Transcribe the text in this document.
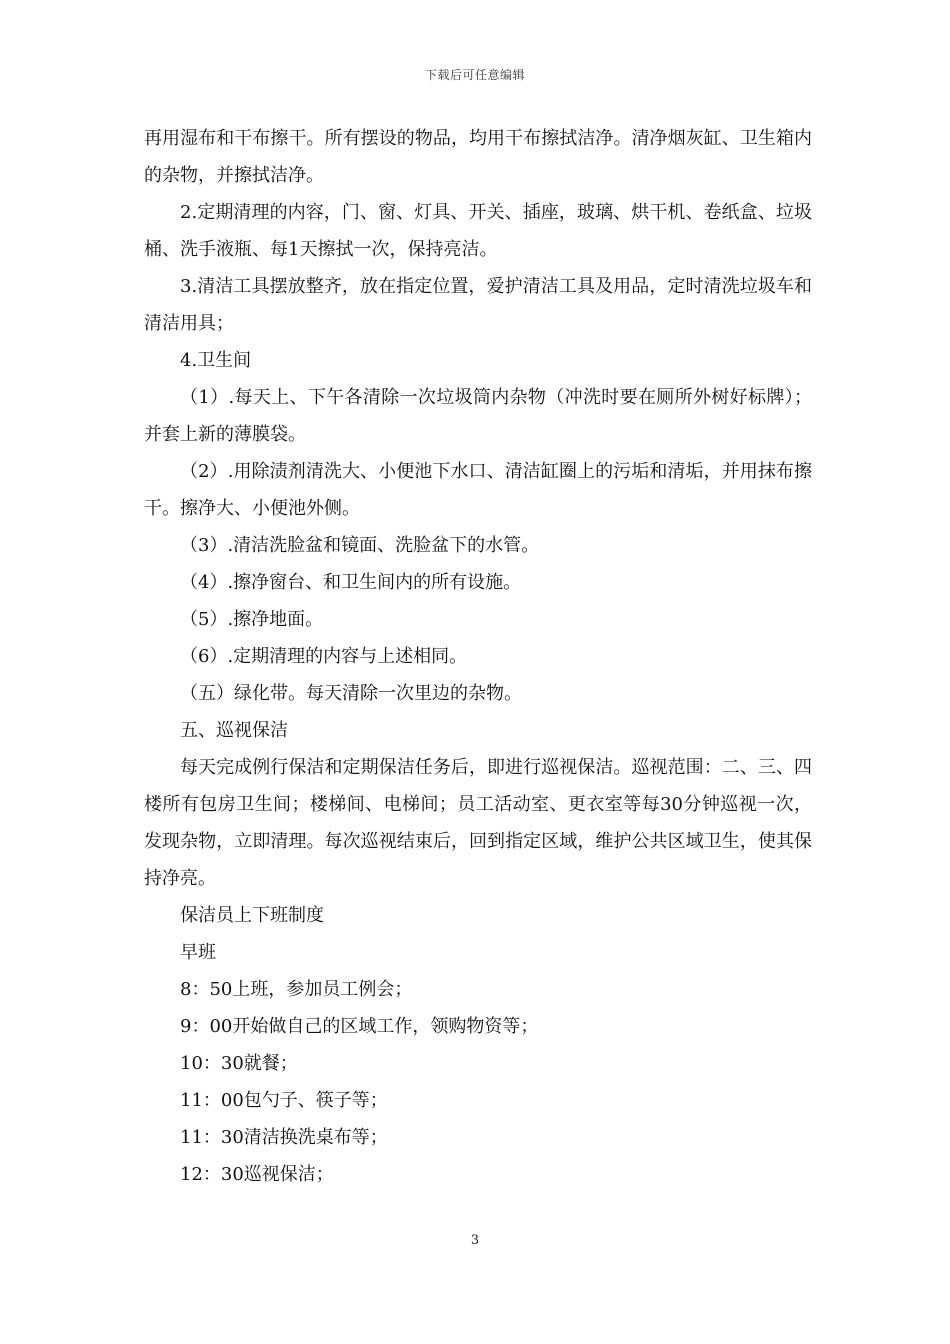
下载后可任意编辑

再用湿布和干布擦干。所有摆设的物品，均用干布擦拭洁净。清净烟灰缸、卫生箱内的杂物，并擦拭洁净。

2.定期清理的内容，门、窗、灯具、开关、插座，玻璃、烘干机、卷纸盒、垃圾桶、洗手液瓶、每1天擦拭一次，保持亮洁。

3.清洁工具摆放整齐，放在指定位置，爱护清洁工具及用品，定时清洗垃圾车和清洁用具；

4.卫生间

（1）.每天上、下午各清除一次垃圾筒内杂物（冲洗时要在厕所外树好标牌）；并套上新的薄膜袋。

（2）.用除渍剂清洗大、小便池下水口、清洁缸圈上的污垢和清垢，并用抹布擦干。擦净大、小便池外侧。

（3）.清洁洗脸盆和镜面、洗脸盆下的水管。

（4）.擦净窗台、和卫生间内的所有设施。

（5）.擦净地面。

（6）.定期清理的内容与上述相同。

（五）绿化带。每天清除一次里边的杂物。

五、巡视保洁

每天完成例行保洁和定期保洁任务后，即进行巡视保洁。巡视范围：二、三、四楼所有包房卫生间；楼梯间、电梯间；员工活动室、更衣室等每30分钟巡视一次，发现杂物，立即清理。每次巡视结束后，回到指定区域，维护公共区域卫生，使其保持净亮。

保洁员上下班制度

早班

8：50上班，参加员工例会；

9：00开始做自己的区域工作，领购物资等；

10：30就餐；

11：00包勺子、筷子等；

11：30清洁换洗桌布等；

12：30巡视保洁；

3
